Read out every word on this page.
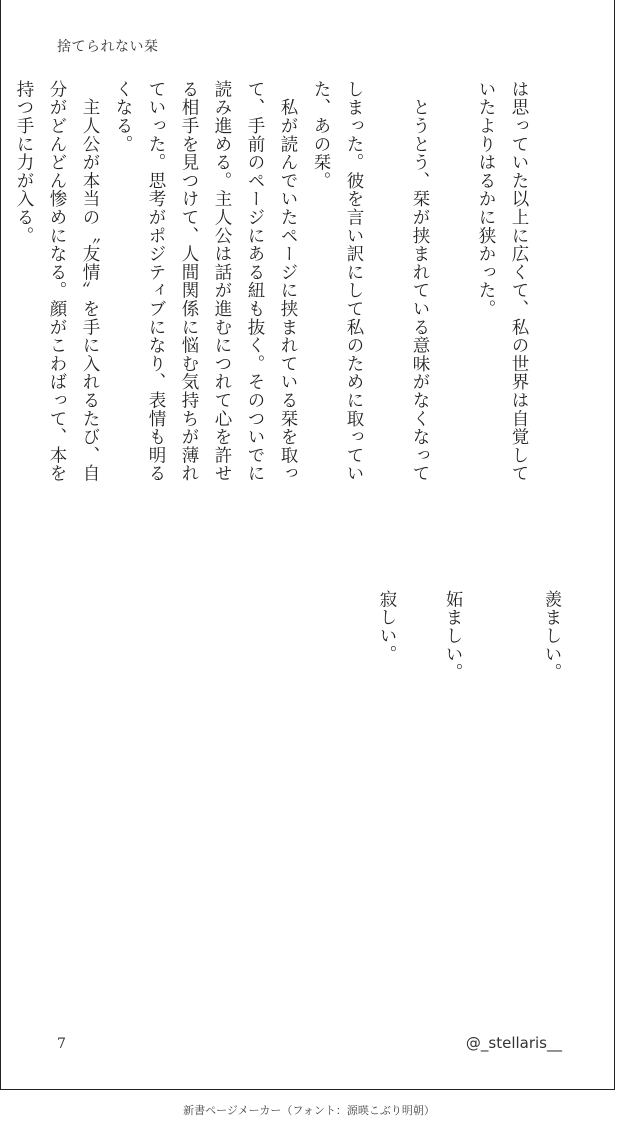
捨てられない栞

羨ましい。

は思っていた以上に広くて、私の世界は自覚して

いたよりはるかに狭かった。

妬ましい。

　とうとう、栞が挟まれている意味がなくなって

寂しい。

しまった。彼を言い訳にして私のために取ってい

た、あの栞。

　私が読んでいたページに挟まれている栞を取っ

て、手前のページにある紐も抜く。そのついでに

読み進める。主人公は話が進むにつれて心を許せ

る相手を見つけて、人間関係に悩む気持ちが薄れ

ていった。思考がポジティブになり、表情も明る

くなる。

　主人公が本当の〝友情〟を手に入れるたび、自

分がどんどん惨めになる。顔がこわばって、本を

持つ手に力が入る。

7	@_stellaris__
新書ページメーカー（フォント：源暎こぶり明朝）
